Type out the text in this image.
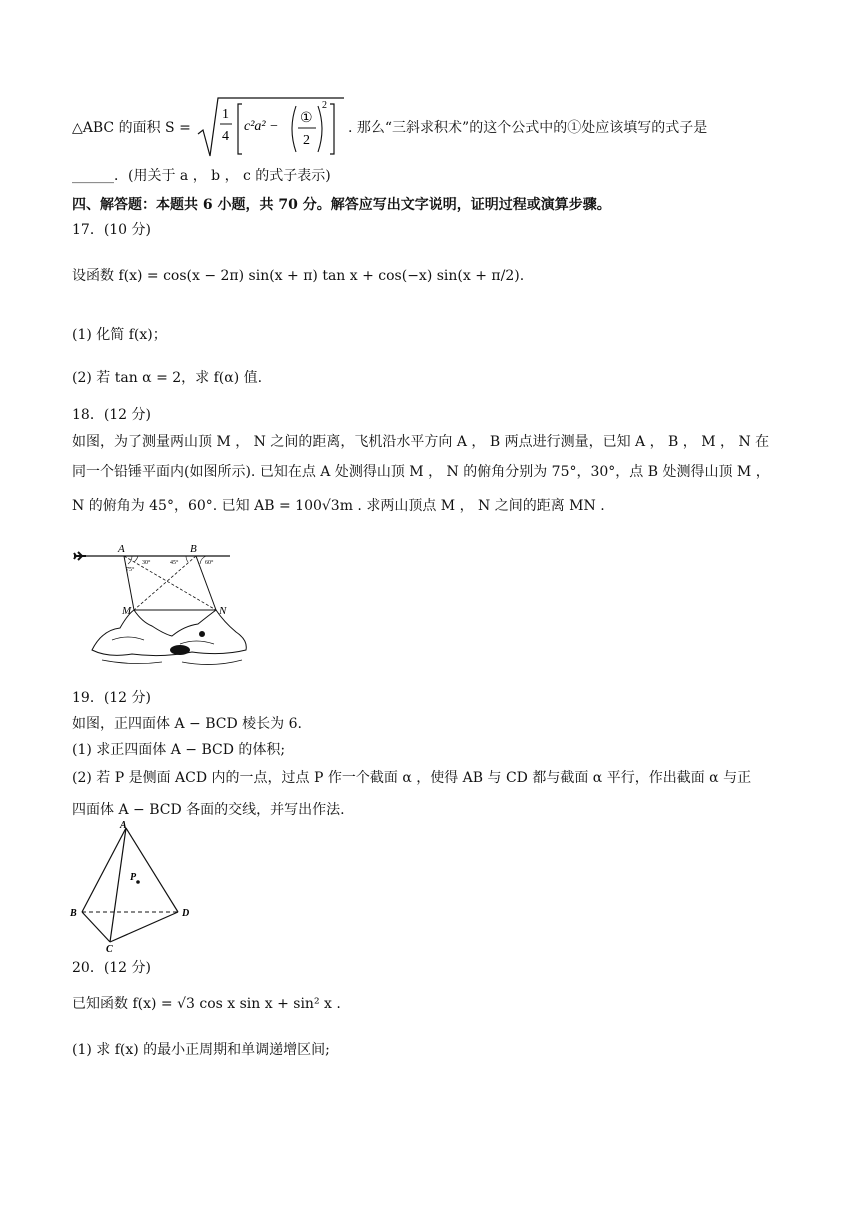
△ABC 的面积 S =
1
4
c²a² −
①
2
2
. 那么“三斜求积术”的这个公式中的①处应该填写的式子是
______．(用关于 a ， b ， c 的式子表示)
四、解答题：本题共 6 小题，共 70 分。解答应写出文字说明，证明过程或演算步骤。
17．(10 分)
设函数 f(x) = cos(x − 2π) sin(x + π) tan x + cos(−x) sin(x + π/2).
(1) 化简 f(x)；
(2) 若 tan α = 2，求 f(α) 值.
18．(12 分)
如图，为了测量两山顶 M ， N 之间的距离，飞机沿水平方向 A ， B 两点进行测量，已知 A ， B ， M ， N 在
同一个铅锤平面内(如图所示). 已知在点 A 处测得山顶 M ， N 的俯角分别为 75°，30°，点 B 处测得山顶 M ，
N 的俯角为 45°，60°. 已知 AB = 100√3m . 求两山顶点 M ， N 之间的距离 MN .
A	B
75°
30°	45°	60°
M	N
19．(12 分)
如图，正四面体 A − BCD 棱长为 6.
(1) 求正四面体 A − BCD 的体积;
(2) 若 P 是侧面 ACD 内的一点，过点 P 作一个截面 α ，使得 AB 与 CD 都与截面 α 平行，作出截面 α 与正
四面体 A − BCD 各面的交线，并写出作法.
A
B
C
D
P
20．(12 分)
已知函数 f(x) = √3 cos x sin x + sin² x .
(1) 求 f(x) 的最小正周期和单调递增区间;
